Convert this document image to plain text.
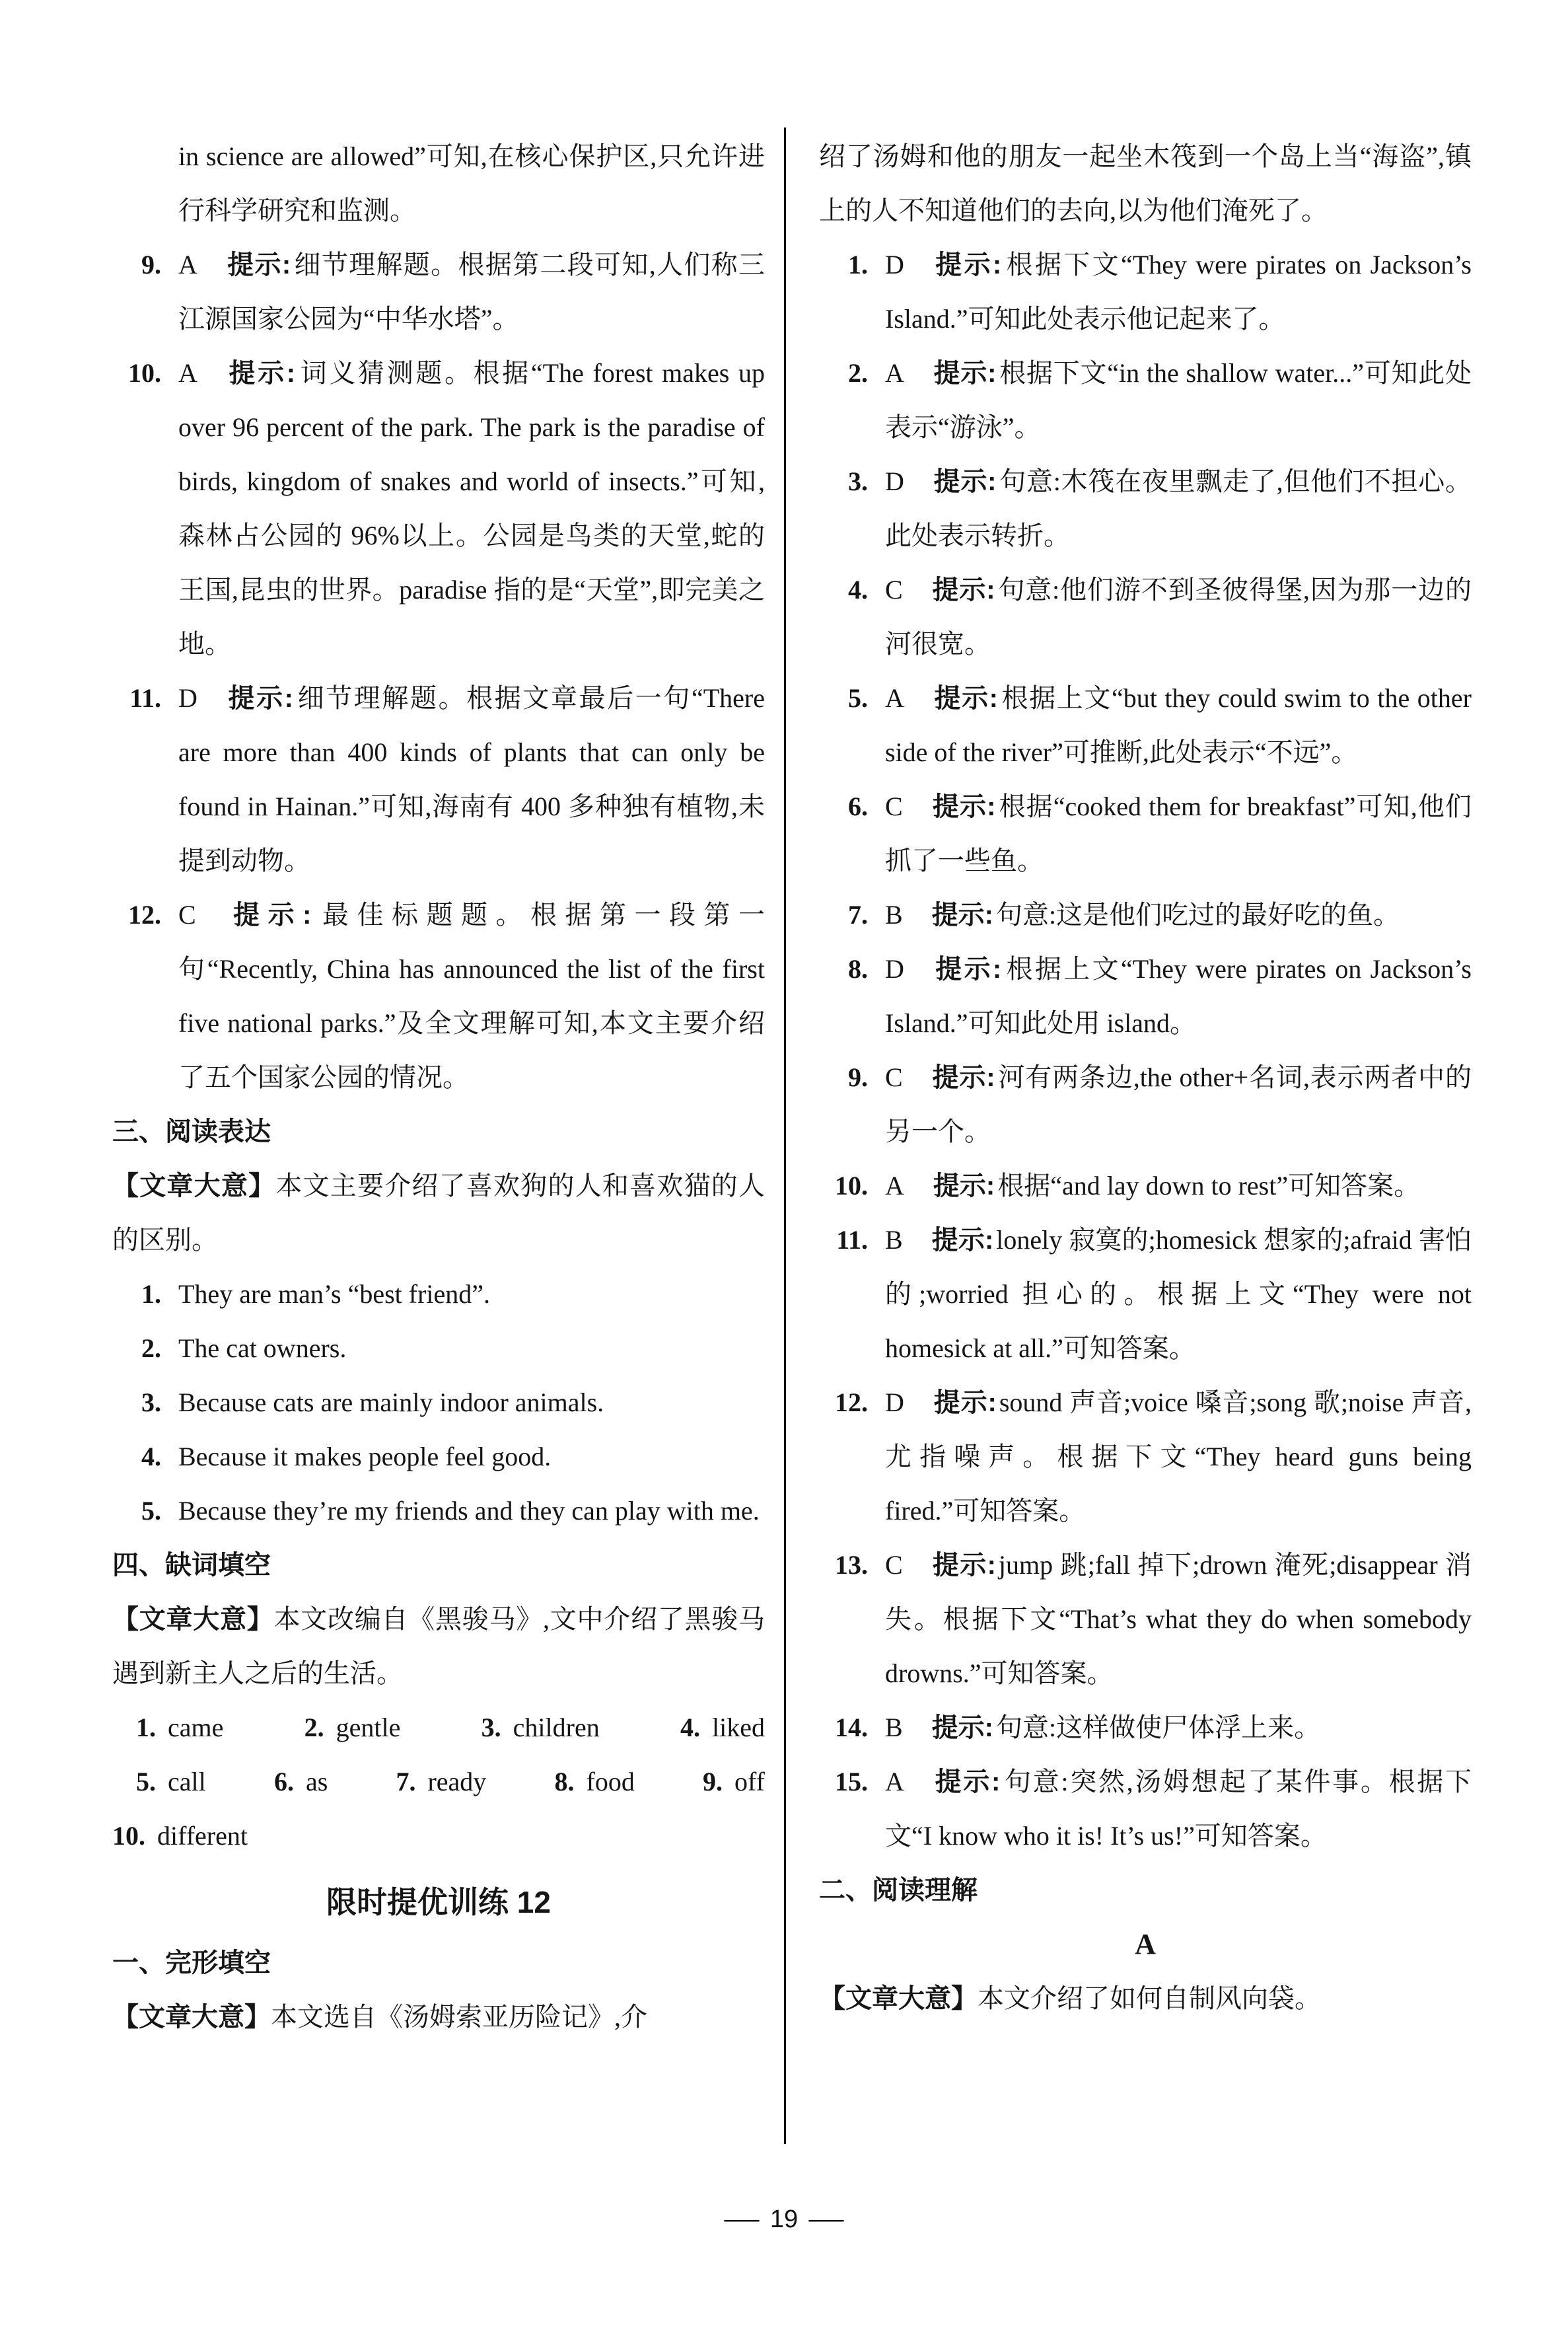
in science are allowed”可知,在核心保护区,只允许进行科学研究和监测。
9. A 提示: 细节理解题。根据第二段可知,人们称三江源国家公园为“中华水塔”。
10. A 提示: 词义猜测题。根据“The forest makes up over 96 percent of the park. The park is the paradise of birds, kingdom of snakes and world of insects.”可知,森林占公园的 96%以上。公园是鸟类的天堂,蛇的王国,昆虫的世界。paradise 指的是“天堂”,即完美之地。
11. D 提示: 细节理解题。根据文章最后一句“There are more than 400 kinds of plants that can only be found in Hainan.”可知,海南有 400 多种独有植物,未提到动物。
12. C 提示: 最佳标题题。根据第一段第一句“Recently, China has announced the list of the first five national parks.”及全文理解可知,本文主要介绍了五个国家公园的情况。
三、阅读表达
【文章大意】本文主要介绍了喜欢狗的人和喜欢猫的人的区别。
1. They are man’s “best friend”.
2. The cat owners.
3. Because cats are mainly indoor animals.
4. Because it makes people feel good.
5. Because they’re my friends and they can play with me.
四、缺词填空
【文章大意】本文改编自《黑骏马》,文中介绍了黑骏马遇到新主人之后的生活。
1. came	2. gentle	3. children	4. liked
5. call	6. as	7. ready	8. food	9. off
10. different
限时提优训练 12
一、完形填空
【文章大意】本文选自《汤姆索亚历险记》,介
绍了汤姆和他的朋友一起坐木筏到一个岛上当“海盗”,镇上的人不知道他们的去向,以为他们淹死了。
1. D 提示: 根据下文“They were pirates on Jackson’s Island.”可知此处表示他记起来了。
2. A 提示: 根据下文“in the shallow water...”可知此处表示“游泳”。
3. D 提示: 句意:木筏在夜里飘走了,但他们不担心。此处表示转折。
4. C 提示: 句意:他们游不到圣彼得堡,因为那一边的河很宽。
5. A 提示: 根据上文“but they could swim to the other side of the river”可推断,此处表示“不远”。
6. C 提示: 根据“cooked them for breakfast”可知,他们抓了一些鱼。
7. B 提示: 句意:这是他们吃过的最好吃的鱼。
8. D 提示: 根据上文“They were pirates on Jackson’s Island.”可知此处用 island。
9. C 提示: 河有两条边,the other+名词,表示两者中的另一个。
10. A 提示: 根据“and lay down to rest”可知答案。
11. B 提示: lonely 寂寞的;homesick 想家的;afraid 害怕的;worried 担心的。根据上文“They were not homesick at all.”可知答案。
12. D 提示: sound 声音;voice 嗓音;song 歌;noise 声音,尤指噪声。根据下文“They heard guns being fired.”可知答案。
13. C 提示: jump 跳;fall 掉下;drown 淹死;disappear 消失。根据下文“That’s what they do when somebody drowns.”可知答案。
14. B 提示: 句意:这样做使尸体浮上来。
15. A 提示: 句意:突然,汤姆想起了某件事。根据下文“I know who it is! It’s us!”可知答案。
二、阅读理解
A
【文章大意】本文介绍了如何自制风向袋。
— 19 —
